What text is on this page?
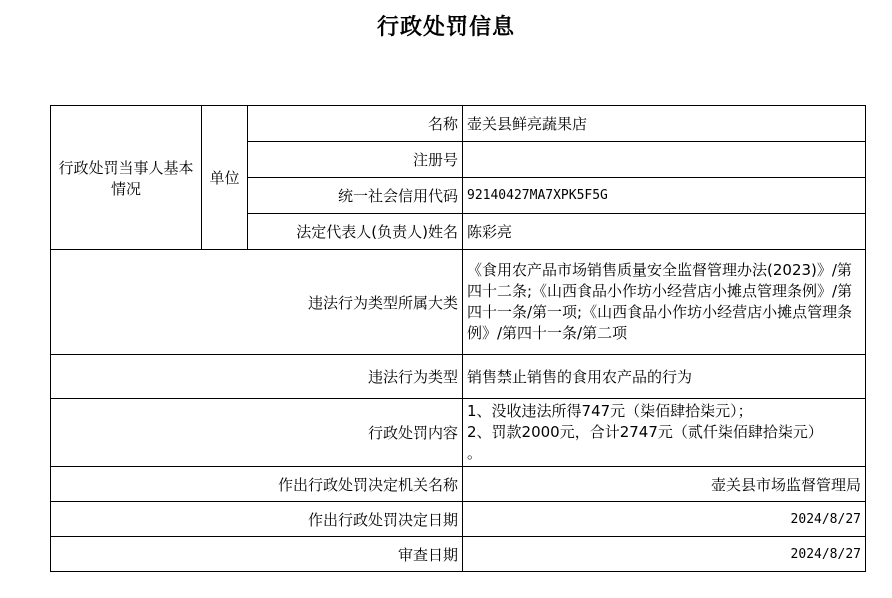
行政处罚信息
行政处罚当事人基本情况	单位	名称	壶关县鲜亮蔬果店
		注册号	
		统一社会信用代码	92140427MA7XPK5F5G
		法定代表人(负责人)姓名	陈彩亮
违法行为类型所属大类			《食用农产品市场销售质量安全监督管理办法(2023)》/第四十二条;《山西食品小作坊小经营店小摊点管理条例》/第四十一条/第一项;《山西食品小作坊小经营店小摊点管理条例》/第四十一条/第二项
违法行为类型			销售禁止销售的食用农产品的行为
行政处罚内容			1、没收违法所得747元（柒佰肆拾柒元）；
2、罚款2000元，合计2747元（贰仟柒佰肆拾柒元）
。

作出行政处罚决定机关名称			壶关县市场监督管理局
作出行政处罚决定日期			2024/8/27
审查日期			2024/8/27
